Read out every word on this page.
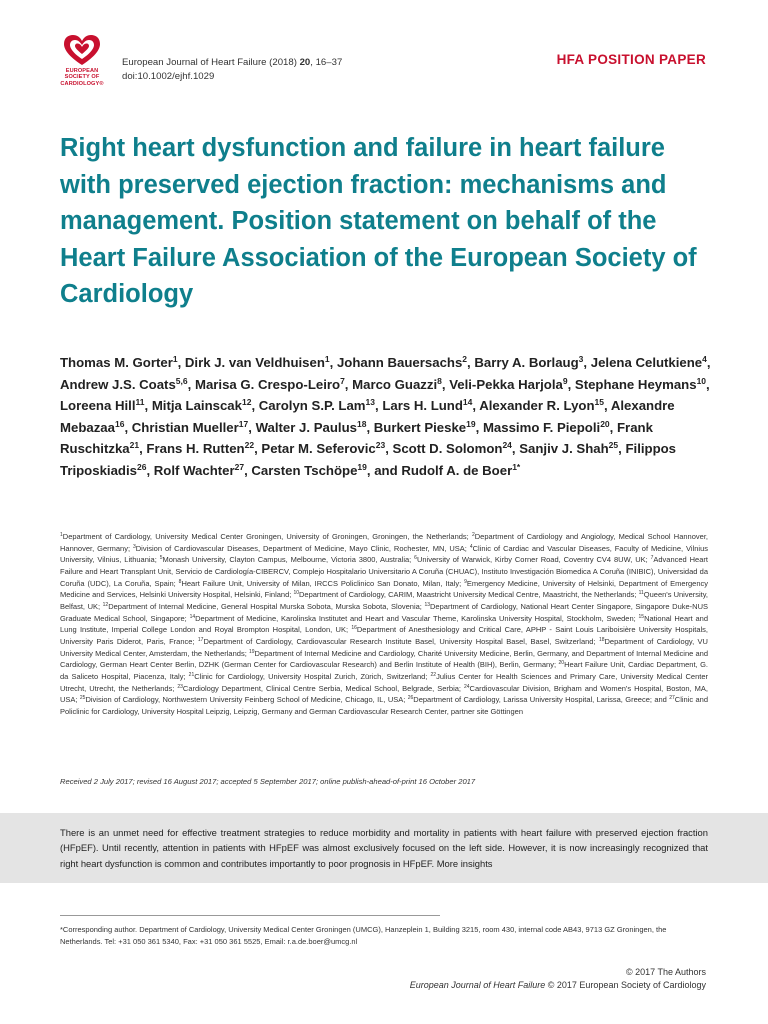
EUROPEAN
SOCIETY OF
CARDIOLOGY®
European Journal of Heart Failure (2018) 20, 16–37
doi:10.1002/ejhf.1029
HFA POSITION PAPER
Right heart dysfunction and failure in heart failure with preserved ejection fraction: mechanisms and management. Position statement on behalf of the Heart Failure Association of the European Society of Cardiology

Thomas M. Gorter$^1$, Dirk J. van Veldhuisen$^1$, Johann Bauersachs$^2$, Barry A. Borlaug$^3$, Jelena Celutkiene$^4$, Andrew J.S. Coats$^{5,6}$, Marisa G. Crespo-Leiro$^7$, Marco Guazzi$^8$, Veli-Pekka Harjola$^9$, Stephane Heymans$^{10}$, Loreena Hill$^{11}$, Mitja Lainscak$^{12}$, Carolyn S.P. Lam$^{13}$, Lars H. Lund$^{14}$, Alexander R. Lyon$^{15}$, Alexandre Mebazaa$^{16}$, Christian Mueller$^{17}$, Walter J. Paulus$^{18}$, Burkert Pieske$^{19}$, Massimo F. Piepoli$^{20}$, Frank Ruschitzka$^{21}$, Frans H. Rutten$^{22}$, Petar M. Seferovic$^{23}$, Scott D. Solomon$^{24}$, Sanjiv J. Shah$^{25}$, Filippos Triposkiadis$^{26}$, Rolf Wachter$^{27}$, Carsten Tschöpe$^{19}$, and Rudolf A. de Boer$^{1*}$

$^1$Department of Cardiology, University Medical Center Groningen, University of Groningen, Groningen, the Netherlands; $^2$Department of Cardiology and Angiology, Medical School Hannover, Hannover, Germany; $^3$Division of Cardiovascular Diseases, Department of Medicine, Mayo Clinic, Rochester, MN, USA; $^4$Clinic of Cardiac and Vascular Diseases, Faculty of Medicine, Vilnius University, Vilnius, Lithuania; $^5$Monash University, Clayton Campus, Melbourne, Victoria 3800, Australia; $^6$University of Warwick, Kirby Corner Road, Coventry CV4 8UW, UK; $^7$Advanced Heart Failure and Heart Transplant Unit, Servicio de Cardiología-CIBERCV, Complejo Hospitalario Universitario A Coruña (CHUAC), Instituto Investigación Biomedica A Coruña (INIBIC), Universidad da Coruña (UDC), La Coruña, Spain; $^8$Heart Failure Unit, University of Milan, IRCCS Policlinico San Donato, Milan, Italy; $^9$Emergency Medicine, University of Helsinki, Department of Emergency Medicine and Services, Helsinki University Hospital, Helsinki, Finland; $^{10}$Department of Cardiology, CARIM, Maastricht University Medical Centre, Maastricht, the Netherlands; $^{11}$Queen's University, Belfast, UK; $^{12}$Department of Internal Medicine, General Hospital Murska Sobota, Murska Sobota, Slovenia; $^{13}$Department of Cardiology, National Heart Center Singapore, Singapore Duke-NUS Graduate Medical School, Singapore; $^{14}$Department of Medicine, Karolinska Institutet and Heart and Vascular Theme, Karolinska University Hospital, Stockholm, Sweden; $^{15}$National Heart and Lung Institute, Imperial College London and Royal Brompton Hospital, London, UK; $^{16}$Department of Anesthesiology and Critical Care, APHP - Saint Louis Lariboisière University Hospitals, University Paris Diderot, Paris, France; $^{17}$Department of Cardiology, Cardiovascular Research Institute Basel, University Hospital Basel, Basel, Switzerland; $^{18}$Department of Cardiology, VU University Medical Center, Amsterdam, the Netherlands; $^{19}$Department of Internal Medicine and Cardiology, Charité University Medicine, Berlin, Germany, and Department of Internal Medicine and Cardiology, German Heart Center Berlin, DZHK (German Center for Cardiovascular Research) and Berlin Institute of Health (BIH), Berlin, Germany; $^{20}$Heart Failure Unit, Cardiac Department, G. da Saliceto Hospital, Piacenza, Italy; $^{21}$Clinic for Cardiology, University Hospital Zurich, Zürich, Switzerland; $^{22}$Julius Center for Health Sciences and Primary Care, University Medical Center Utrecht, Utrecht, the Netherlands; $^{23}$Cardiology Department, Clinical Centre Serbia, Medical School, Belgrade, Serbia; $^{24}$Cardiovascular Division, Brigham and Women's Hospital, Boston, MA, USA; $^{25}$Division of Cardiology, Northwestern University Feinberg School of Medicine, Chicago, IL, USA; $^{26}$Department of Cardiology, Larissa University Hospital, Larissa, Greece; and $^{27}$Clinic and Policlinic for Cardiology, University Hospital Leipzig, Leipzig, Germany and German Cardiovascular Research Center, partner site Göttingen

Received 2 July 2017; revised 16 August 2017; accepted 5 September 2017; online publish-ahead-of-print 16 October 2017

There is an unmet need for effective treatment strategies to reduce morbidity and mortality in patients with heart failure with preserved ejection fraction (HFpEF). Until recently, attention in patients with HFpEF was almost exclusively focused on the left side. However, it is now increasingly recognized that right heart dysfunction is common and contributes importantly to poor prognosis in HFpEF. More insights

*Corresponding author. Department of Cardiology, University Medical Center Groningen (UMCG), Hanzeplein 1, Building 3215, room 430, internal code AB43, 9713 GZ Groningen, the Netherlands. Tel: +31 050 361 5340, Fax: +31 050 361 5525, Email: r.a.de.boer@umcg.nl

© 2017 The Authors
European Journal of Heart Failure © 2017 European Society of Cardiology
